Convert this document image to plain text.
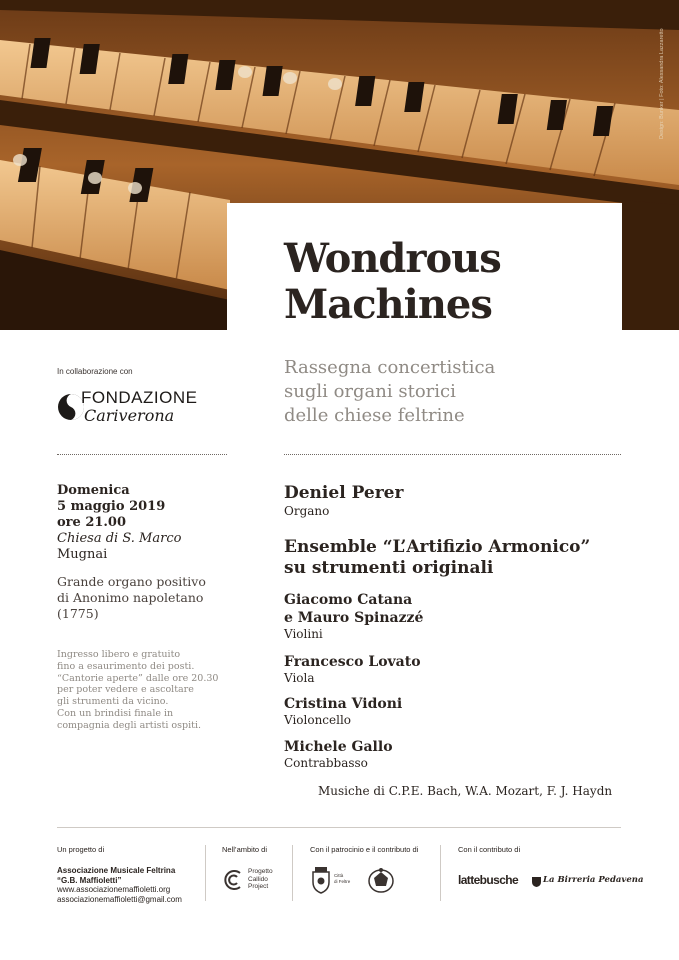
Design: Bunker | Foto: Alessandra Lazzaretto
Wondrous Machines
Rassegna concertistica
sugli organi storici
delle chiese feltrine
In collaborazione con
FONDAZIONE
Cariverona
Domenica
5 maggio 2019
ore 21.00
Chiesa di S. Marco
Mugnai
Grande organo positivo
di Anonimo napoletano
(1775)
Ingresso libero e gratuito
fino a esaurimento dei posti.
“Cantorie aperte” dalle ore 20.30
per poter vedere e ascoltare
gli strumenti da vicino.
Con un brindisi finale in
compagnia degli artisti ospiti.
Deniel Perer
Organo
Ensemble “L’Artifizio Armonico”
su strumenti originali
Giacomo Catana
e Mauro Spinazzé
Violini
Francesco Lovato
Viola
Cristina Vidoni
Violoncello
Michele Gallo
Contrabbasso
Musiche di C.P.E. Bach, W.A. Mozart, F. J. Haydn
Un progetto di
Associazione Musicale Feltrina
“G.B. Maffioletti”
www.associazionemaffioletti.org
associazionemaffioletti@gmail.com
Nell’ambito di
Progetto
Callido
Project
Con il patrocinio e il contributo di
Città
di Feltre
Con il contributo di
lattebusche	La Birreria Pedavena
